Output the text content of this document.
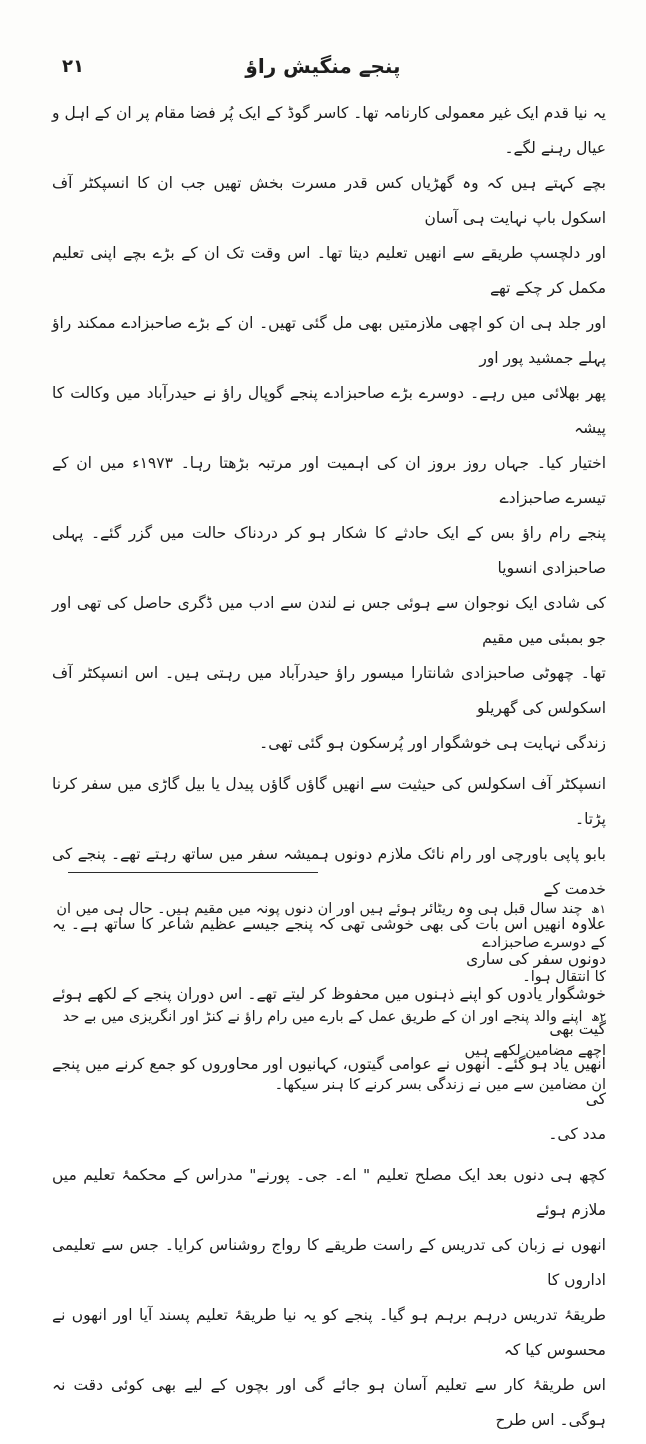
۲۱	پنجے منگیش راؤ

یہ نیا قدم ایک غیر معمولی کارنامہ تھا۔ کاسر گوڈ کے ایک پُر فضا مقام پر ان کے اہل و عیال رہنے لگے۔
بچے کہتے ہیں کہ وہ گھڑیاں کس قدر مسرت بخش تھیں جب ان کا انسپکٹر آف اسکول باپ نہایت ہی آسان
اور دلچسپ طریقے سے انھیں تعلیم دیتا تھا۔ اس وقت تک ان کے بڑے بچے اپنی تعلیم مکمل کر چکے تھے
اور جلد ہی ان کو اچھی ملازمتیں بھی مل گئی تھیں۔ ان کے بڑے صاحبزادے ممکند راؤ پہلے جمشید پور اور
پھر بھلائی میں رہے۔ دوسرے بڑے صاحبزادے پنجے گوپال راؤ نے حیدرآباد میں وکالت کا پیشہ
اختیار کیا۔ جہاں روز بروز ان کی اہمیت اور مرتبہ بڑھتا رہا۔ ۱۹۷۳ء میں ان کے تیسرے صاحبزادے
پنجے رام راؤ بس کے ایک حادثے کا شکار ہو کر دردناک حالت میں گزر گئے۔ پہلی صاحبزادی انسویا
کی شادی ایک نوجوان سے ہوئی جس نے لندن سے ادب میں ڈگری حاصل کی تھی اور جو بمبئی میں مقیم
تھا۔ چھوٹی صاحبزادی شانتارا میسور راؤ حیدرآباد میں رہتی ہیں۔ اس انسپکٹر آف اسکولس کی گھریلو
زندگی نہایت ہی خوشگوار اور پُرسکون ہو گئی تھی۔

انسپکٹر آف اسکولس کی حیثیت سے انھیں گاؤں گاؤں پیدل یا بیل گاڑی میں سفر کرنا پڑتا۔
بابو پاپی باورچی اور رام نائک ملازم دونوں ہمیشہ سفر میں ساتھ رہتے تھے۔ پنجے کی خدمت کے
علاوہ انھیں اس بات کی بھی خوشی تھی کہ پنجے جیسے عظیم شاعر کا ساتھ ہے۔ یہ دونوں سفر کی ساری
خوشگوار یادوں کو اپنے ذہنوں میں محفوظ کر لیتے تھے۔ اس دوران پنجے کے لکھے ہوئے گیت بھی
انھیں یاد ہو گئے۔ انھوں نے عوامی گیتوں، کہانیوں اور محاوروں کو جمع کرنے میں پنجے کی
مدد کی۔

کچھ ہی دنوں بعد ایک مصلح تعلیم " اے۔ جی۔ پورنے" مدراس کے محکمۂ تعلیم میں ملازم ہوئے
انھوں نے زبان کی تدریس کے راست طریقے کا رواج روشناس کرایا۔ جس سے تعلیمی اداروں کا
طریقۂ تدریس درہم برہم ہو گیا۔ پنجے کو یہ نیا طریقۂ تعلیم پسند آیا اور انھوں نے محسوس کیا کہ
اس طریقۂ کار سے تعلیم آسان ہو جائے گی اور بچوں کے لیے بھی کوئی دقت نہ ہوگی۔ اس طرح

۱ھ چند سال قبل ہی وہ ریٹائر ہوئے ہیں اور ان دنوں پونہ میں مقیم ہیں۔ حال ہی میں ان کے دوسرے صاحبزادے
کا انتقال ہوا۔
۲ھ اپنے والد پنجے اور ان کے طریق عمل کے بارے میں رام راؤ نے کنڑ اور انگریزی میں بے حد اچھے مضامین لکھے ہیں
ان مضامین سے میں نے زندگی بسر کرنے کا ہنر سیکھا۔
